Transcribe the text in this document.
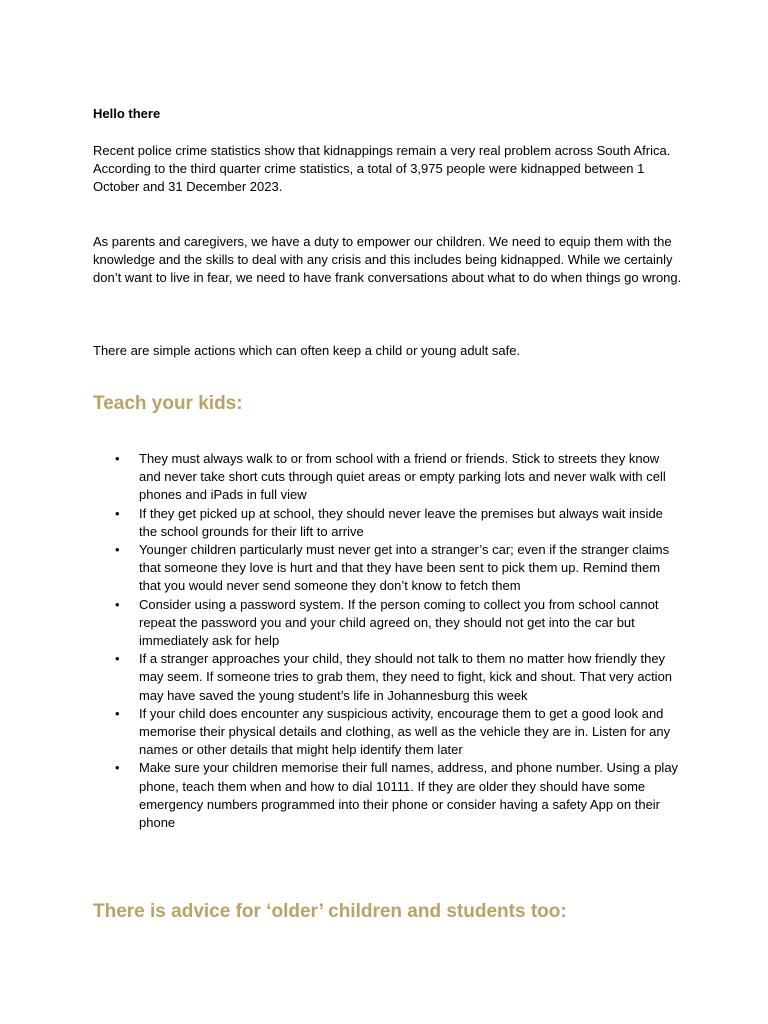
Hello there

Recent police crime statistics show that kidnappings remain a very real problem across South Africa. According to the third quarter crime statistics, a total of 3,975 people were kidnapped between 1 October and 31 December 2023.

As parents and caregivers, we have a duty to empower our children. We need to equip them with the knowledge and the skills to deal with any crisis and this includes being kidnapped. While we certainly don’t want to live in fear, we need to have frank conversations about what to do when things go wrong.

There are simple actions which can often keep a child or young adult safe.

Teach your kids:
• They must always walk to or from school with a friend or friends. Stick to streets they know and never take short cuts through quiet areas or empty parking lots and never walk with cell phones and iPads in full view
• If they get picked up at school, they should never leave the premises but always wait inside the school grounds for their lift to arrive
• Younger children particularly must never get into a stranger’s car; even if the stranger claims that someone they love is hurt and that they have been sent to pick them up. Remind them that you would never send someone they don’t know to fetch them
• Consider using a password system. If the person coming to collect you from school cannot repeat the password you and your child agreed on, they should not get into the car but immediately ask for help
• If a stranger approaches your child, they should not talk to them no matter how friendly they may seem. If someone tries to grab them, they need to fight, kick and shout. That very action may have saved the young student’s life in Johannesburg this week
• If your child does encounter any suspicious activity, encourage them to get a good look and memorise their physical details and clothing, as well as the vehicle they are in. Listen for any names or other details that might help identify them later
• Make sure your children memorise their full names, address, and phone number. Using a play phone, teach them when and how to dial 10111. If they are older they should have some emergency numbers programmed into their phone or consider having a safety App on their phone
There is advice for ‘older’ children and students too:
